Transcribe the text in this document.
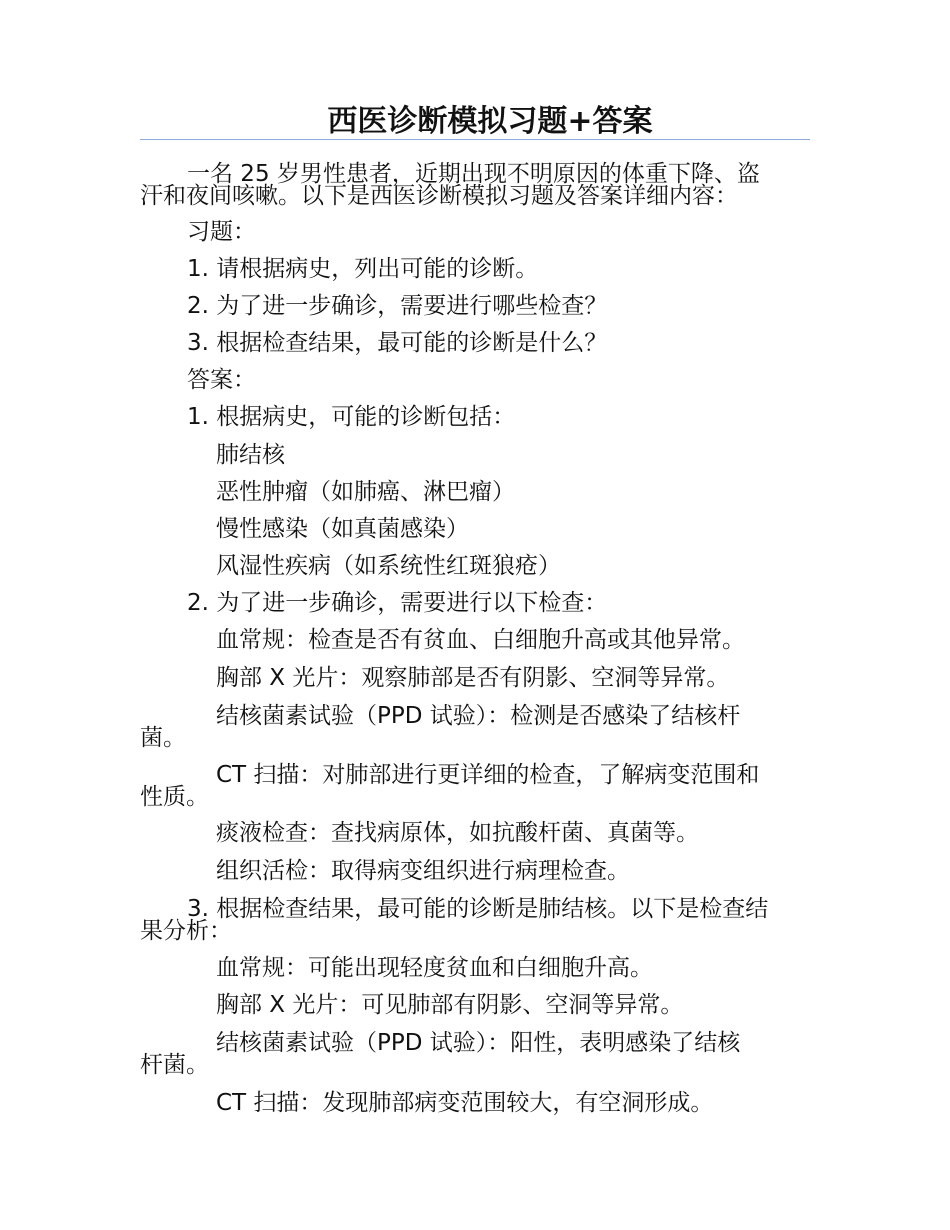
西医诊断模拟习题+答案
一名 25 岁男性患者，近期出现不明原因的体重下降、盗
汗和夜间咳嗽。以下是西医诊断模拟习题及答案详细内容：
习题：
1. 请根据病史，列出可能的诊断。
2. 为了进一步确诊，需要进行哪些检查？
3. 根据检查结果，最可能的诊断是什么？
答案：
1. 根据病史，可能的诊断包括：
肺结核
恶性肿瘤（如肺癌、淋巴瘤）
慢性感染（如真菌感染）
风湿性疾病（如系统性红斑狼疮）
2. 为了进一步确诊，需要进行以下检查：
血常规：检查是否有贫血、白细胞升高或其他异常。
胸部 X 光片：观察肺部是否有阴影、空洞等异常。
结核菌素试验（PPD 试验）：检测是否感染了结核杆
菌。
CT 扫描：对肺部进行更详细的检查，了解病变范围和
性质。
痰液检查：查找病原体，如抗酸杆菌、真菌等。
组织活检：取得病变组织进行病理检查。
3. 根据检查结果，最可能的诊断是肺结核。以下是检查结
果分析：
血常规：可能出现轻度贫血和白细胞升高。
胸部 X 光片：可见肺部有阴影、空洞等异常。
结核菌素试验（PPD 试验）：阳性，表明感染了结核
杆菌。
CT 扫描：发现肺部病变范围较大，有空洞形成。
